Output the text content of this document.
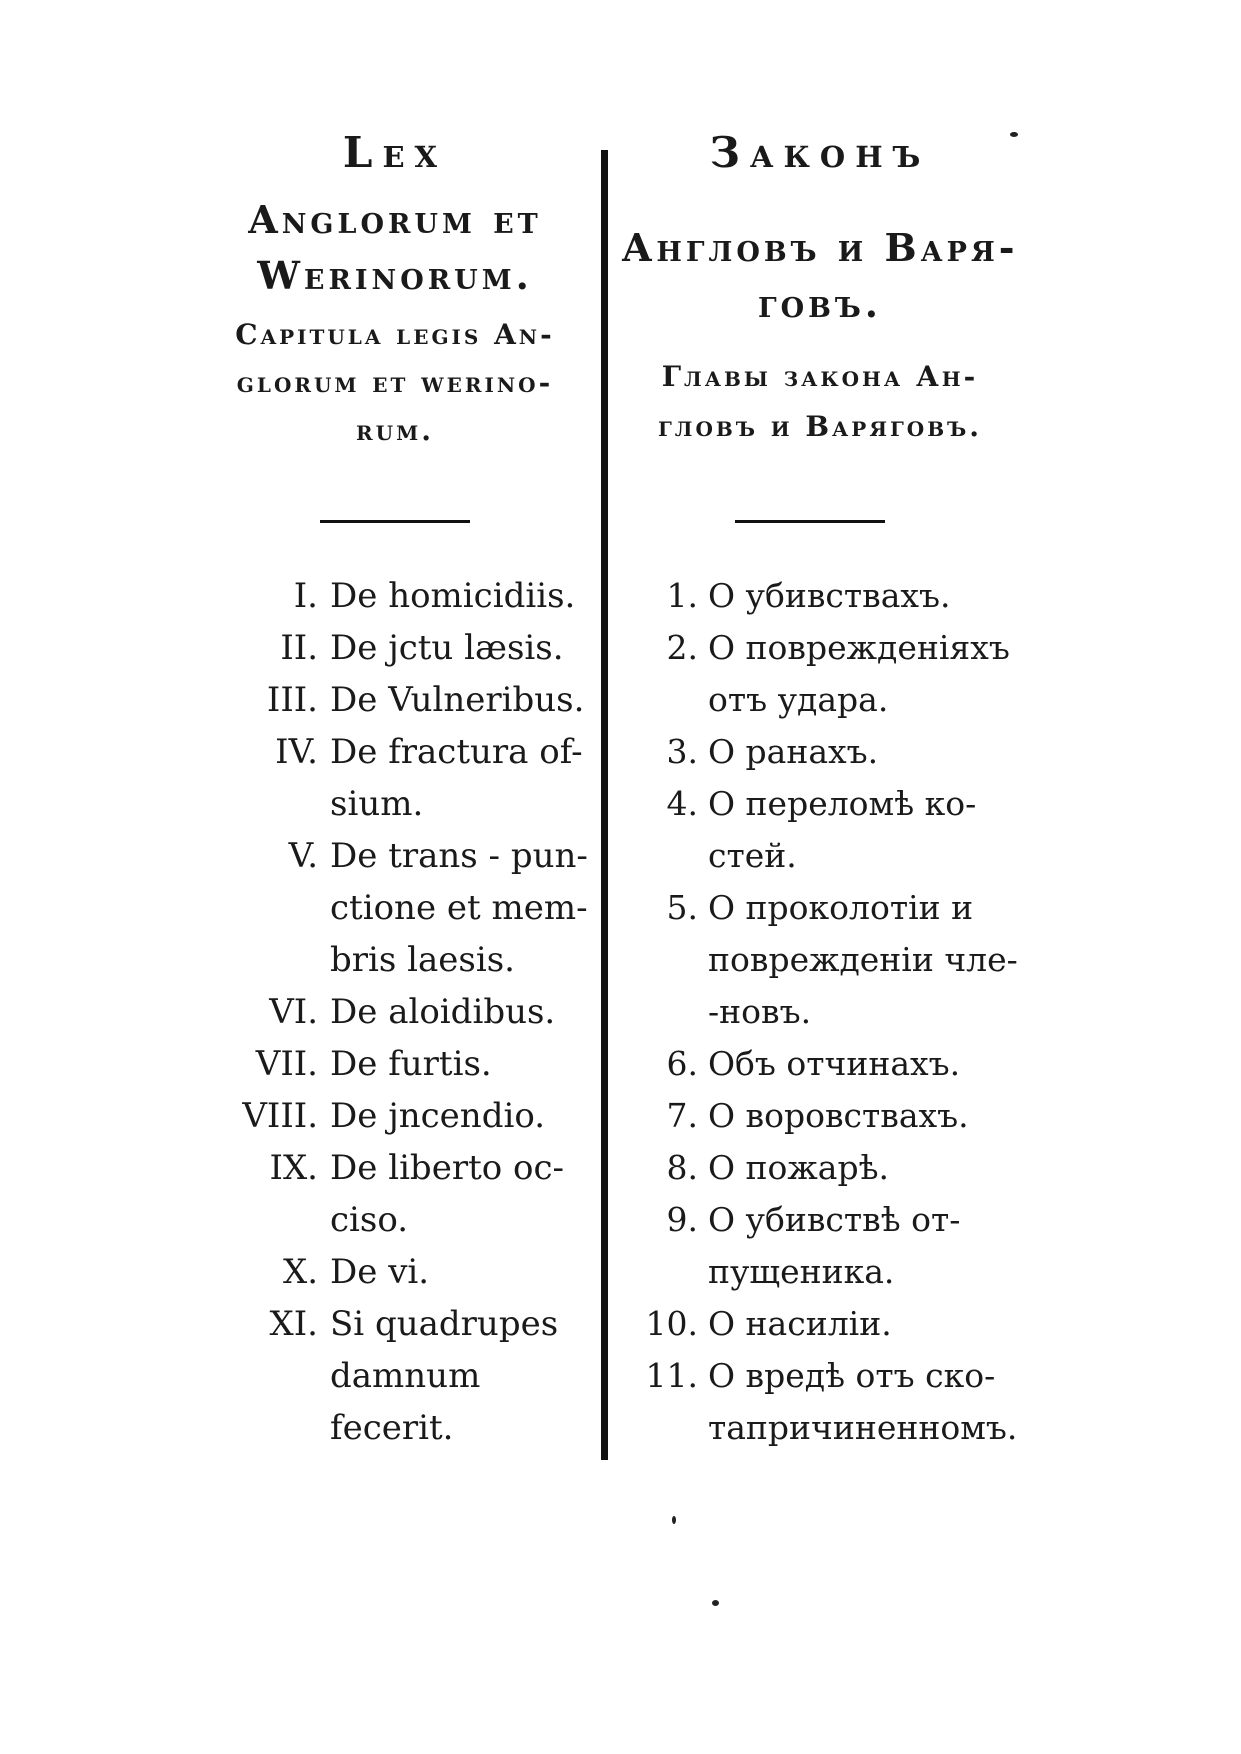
Lex
Anglorum et
Werinorum.
Capitula legis An-
glorum et werino-
rum.
I. De homicidiis.
II. De jctu læsis.
III. De Vulneribus.
IV. De fractura of-
sium.
V. De trans - pun-
ctione et mem-
bris laesis.
VI. De aloidibus.
VII. De furtis.
VIII. De jncendio.
IX. De liberto oc-
ciso.
X. De vi.
XI. Si quadrupes
damnum fecerit.
Законъ
Англовъ и Варя-
говъ.
Главы закона Ан-
гловъ и Варяговъ.
1. О убивствахъ.
2. О поврежденіяхъ
отъ удара.
3. О ранахъ.
4. О переломѣ ко-
стей.
5. О проколотіи и
поврежденіи чле-
-новъ.
6. Объ отчинахъ.
7. О воровствахъ.
8. О пожарѣ.
9. О убивствѣ от-
пущеника.
10. О насиліи.
11. О вредѣ отъ ско-
тапричиненномъ.
